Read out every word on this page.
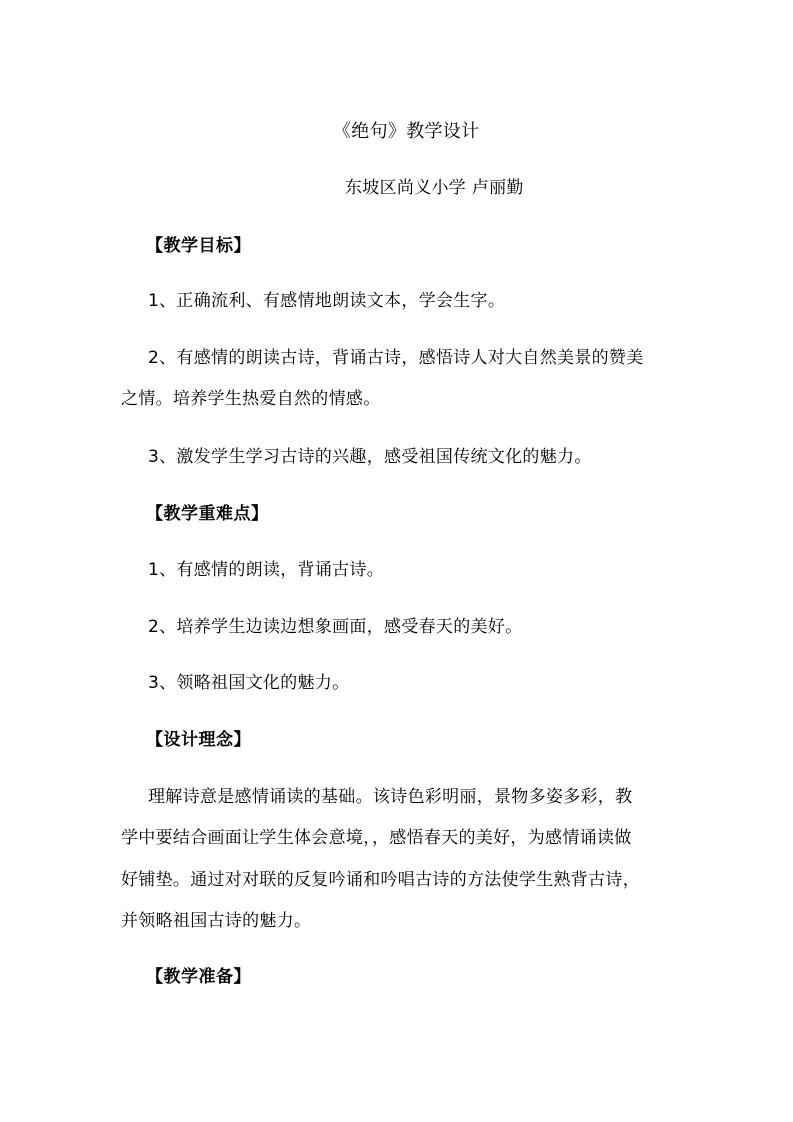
《绝句》教学设计
东坡区尚义小学 卢丽勤
【教学目标】
1、正确流利、有感情地朗读文本，学会生字。
2、有感情的朗读古诗，背诵古诗，感悟诗人对大自然美景的赞美
之情。培养学生热爱自然的情感。
3、激发学生学习古诗的兴趣，感受祖国传统文化的魅力。
【教学重难点】
1、有感情的朗读，背诵古诗。
2、培养学生边读边想象画面，感受春天的美好。
3、领略祖国文化的魅力。
【设计理念】
理解诗意是感情诵读的基础。该诗色彩明丽，景物多姿多彩，教
学中要结合画面让学生体会意境，，感悟春天的美好，为感情诵读做
好铺垫。通过对对联的反复吟诵和吟唱古诗的方法使学生熟背古诗，
并领略祖国古诗的魅力。
【教学准备】
